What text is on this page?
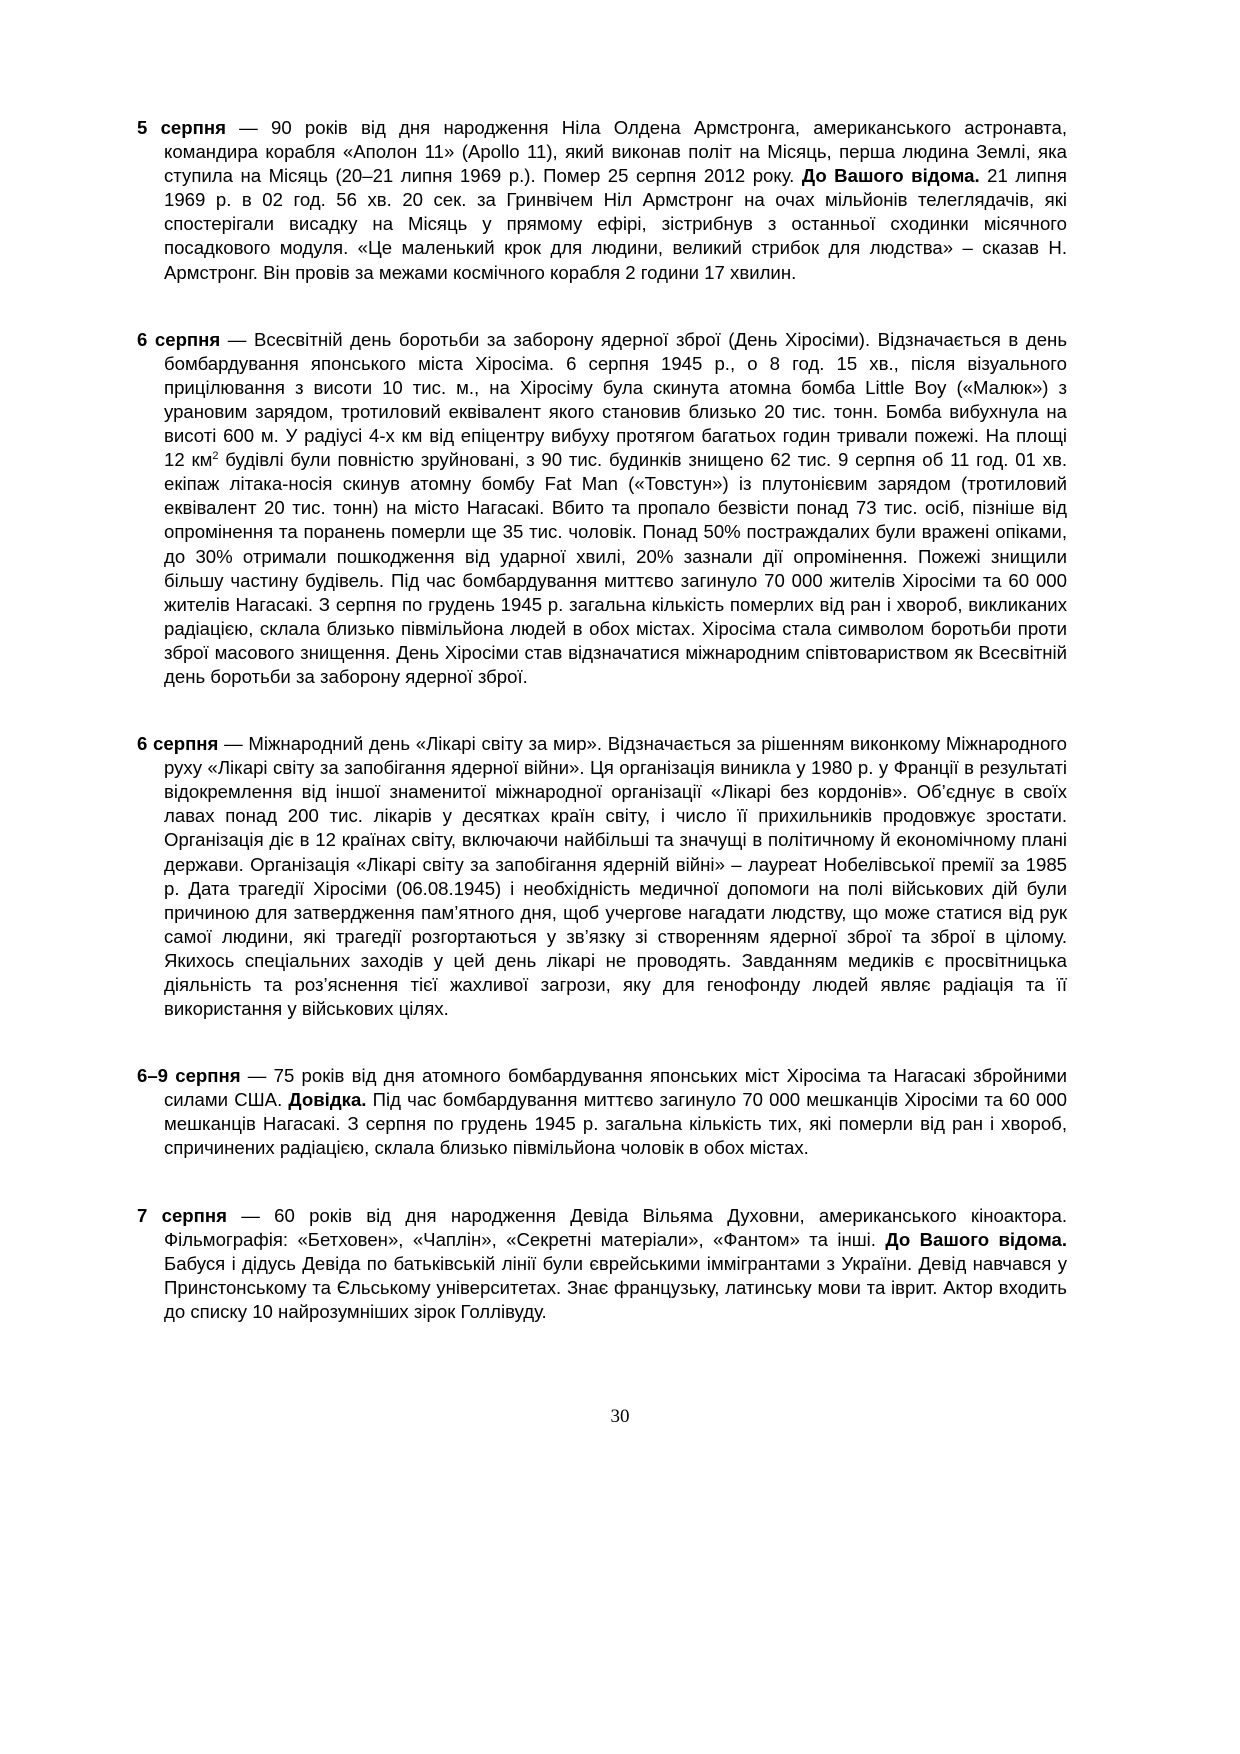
5 серпня — 90 років від дня народження Ніла Олдена Армстронга, американського астронавта, командира корабля «Аполон 11» (Apollo 11), який виконав політ на Місяць, перша людина Землі, яка ступила на Місяць (20–21 липня 1969 р.). Помер 25 серпня 2012 року. До Вашого відома. 21 липня 1969 р. в 02 год. 56 хв. 20 сек. за Гринвічем Ніл Армстронг на очах мільйонів телеглядачів, які спостерігали висадку на Місяць у прямому ефірі, зістрибнув з останньої сходинки місячного посадкового модуля. «Це маленький крок для людини, великий стрибок для людства» – сказав Н. Армстронг. Він провів за межами космічного корабля 2 години 17 хвилин.

6 серпня — Всесвітній день боротьби за заборону ядерної зброї (День Хіросіми). Відзначається в день бомбардування японського міста Хіросіма. 6 серпня 1945 р., о 8 год. 15 хв., після візуального прицілювання з висоти 10 тис. м., на Хіросіму була скинута атомна бомба Little Boy («Малюк») з урановим зарядом, тротиловий еквівалент якого становив близько 20 тис. тонн. Бомба вибухнула на висоті 600 м. У радіусі 4-х км від епіцентру вибуху протягом багатьох годин тривали пожежі. На площі 12 $км^2$ будівлі були повністю зруйновані, з 90 тис. будинків знищено 62 тис. 9 серпня об 11 год. 01 хв. екіпаж літака-носія скинув атомну бомбу Fat Man («Товстун») із плутонієвим зарядом (тротиловий еквівалент 20 тис. тонн) на місто Нагасакі. Вбито та пропало безвісти понад 73 тис. осіб, пізніше від опромінення та поранень померли ще 35 тис. чоловік. Понад 50% постраждалих були вражені опіками, до 30% отримали пошкодження від ударної хвилі, 20% зазнали дії опромінення. Пожежі знищили більшу частину будівель. Під час бомбардування миттєво загинуло 70 000 жителів Хіросіми та 60 000 жителів Нагасакі. З серпня по грудень 1945 р. загальна кількість померлих від ран і хвороб, викликаних радіацією, склала близько півмільйона людей в обох містах. Хіросіма стала символом боротьби проти зброї масового знищення. День Хіросіми став відзначатися міжнародним співтовариством як Всесвітній день боротьби за заборону ядерної зброї.

6 серпня — Міжнародний день «Лікарі світу за мир». Відзначається за рішенням виконкому Міжнародного руху «Лікарі світу за запобігання ядерної війни». Ця організація виникла у 1980 р. у Франції в результаті відокремлення від іншої знаменитої міжнародної організації «Лікарі без кордонів». Об’єднує в своїх лавах понад 200 тис. лікарів у десятках країн світу, і число її прихильників продовжує зростати. Організація діє в 12 країнах світу, включаючи найбільші та значущі в політичному й економічному плані держави. Організація «Лікарі світу за запобігання ядерній війні» – лауреат Нобелівської премії за 1985 р. Дата трагедії Хіросіми (06.08.1945) і необхідність медичної допомоги на полі військових дій були причиною для затвердження пам’ятного дня, щоб учергове нагадати людству, що може статися від рук самої людини, які трагедії розгортаються у зв’язку зі створенням ядерної зброї та зброї в цілому. Якихось спеціальних заходів у цей день лікарі не проводять. Завданням медиків є просвітницька діяльність та роз’яснення тієї жахливої загрози, яку для генофонду людей являє радіація та її використання у військових цілях.

6–9 серпня — 75 років від дня атомного бомбардування японських міст Хіросіма та Нагасакі збройними силами США. Довідка. Під час бомбардування миттєво загинуло 70 000 мешканців Хіросіми та 60 000 мешканців Нагасакі. З серпня по грудень 1945 р. загальна кількість тих, які померли від ран і хвороб, спричинених радіацією, склала близько півмільйона чоловік в обох містах.

7 серпня — 60 років від дня народження Девіда Вільяма Духовни, американського кіноактора. Фільмографія: «Бетховен», «Чаплін», «Секретні матеріали», «Фантом» та інші. До Вашого відома. Бабуся і дідусь Девіда по батьківській лінії були єврейськими іммігрантами з України. Девід навчався у Принстонському та Єльському університетах. Знає французьку, латинську мови та іврит. Актор входить до списку 10 найрозумніших зірок Голлівуду.

30
